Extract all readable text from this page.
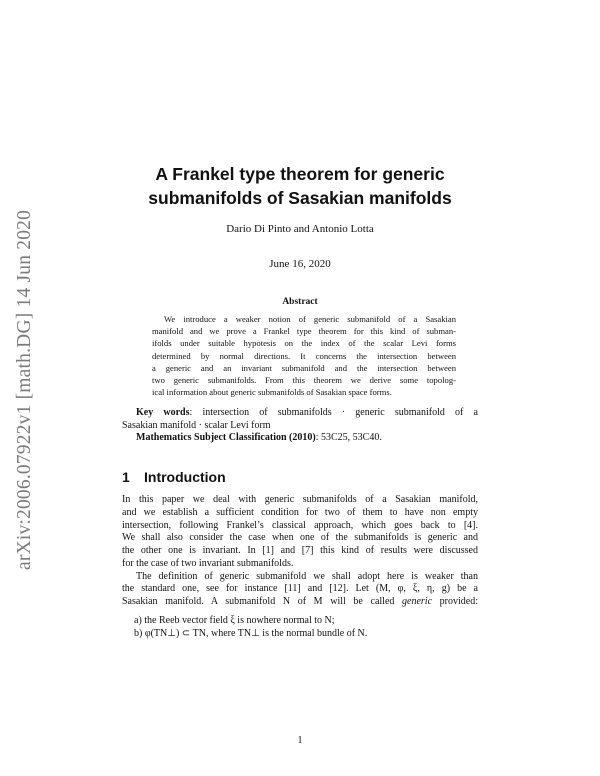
arXiv:2006.07922v1 [math.DG] 14 Jun 2020
A Frankel type theorem for generic
submanifolds of Sasakian manifolds
Dario Di Pinto and Antonio Lotta
June 16, 2020
Abstract
We introduce a weaker notion of generic submanifold of a Sasakian
manifold and we prove a Frankel type theorem for this kind of subman-
ifolds under suitable hypotesis on the index of the scalar Levi forms
determined by normal directions. It concerns the intersection between
a generic and an invariant submanifold and the intersection between
two generic submanifolds. From this theorem we derive some topolog-
ical information about generic submanifolds of Sasakian space forms.
Key words: intersection of submanifolds · generic submanifold of a
Sasakian manifold · scalar Levi form
Mathematics Subject Classification (2010): 53C25, 53C40.
1 Introduction
In this paper we deal with generic submanifolds of a Sasakian manifold,
and we establish a sufficient condition for two of them to have non empty
intersection, following Frankel’s classical approach, which goes back to [4].
We shall also consider the case when one of the submanifolds is generic and
the other one is invariant. In [1] and [7] this kind of results were discussed
for the case of two invariant submanifolds.
The definition of generic submanifold we shall adopt here is weaker than
the standard one, see for instance [11] and [12]. Let (M, φ, ξ, η, g) be a
Sasakian manifold. A submanifold N of M will be called generic provided:
a) the Reeb vector field ξ is nowhere normal to N;
b) φ(TN⊥) ⊂ TN, where TN⊥ is the normal bundle of N.
1
